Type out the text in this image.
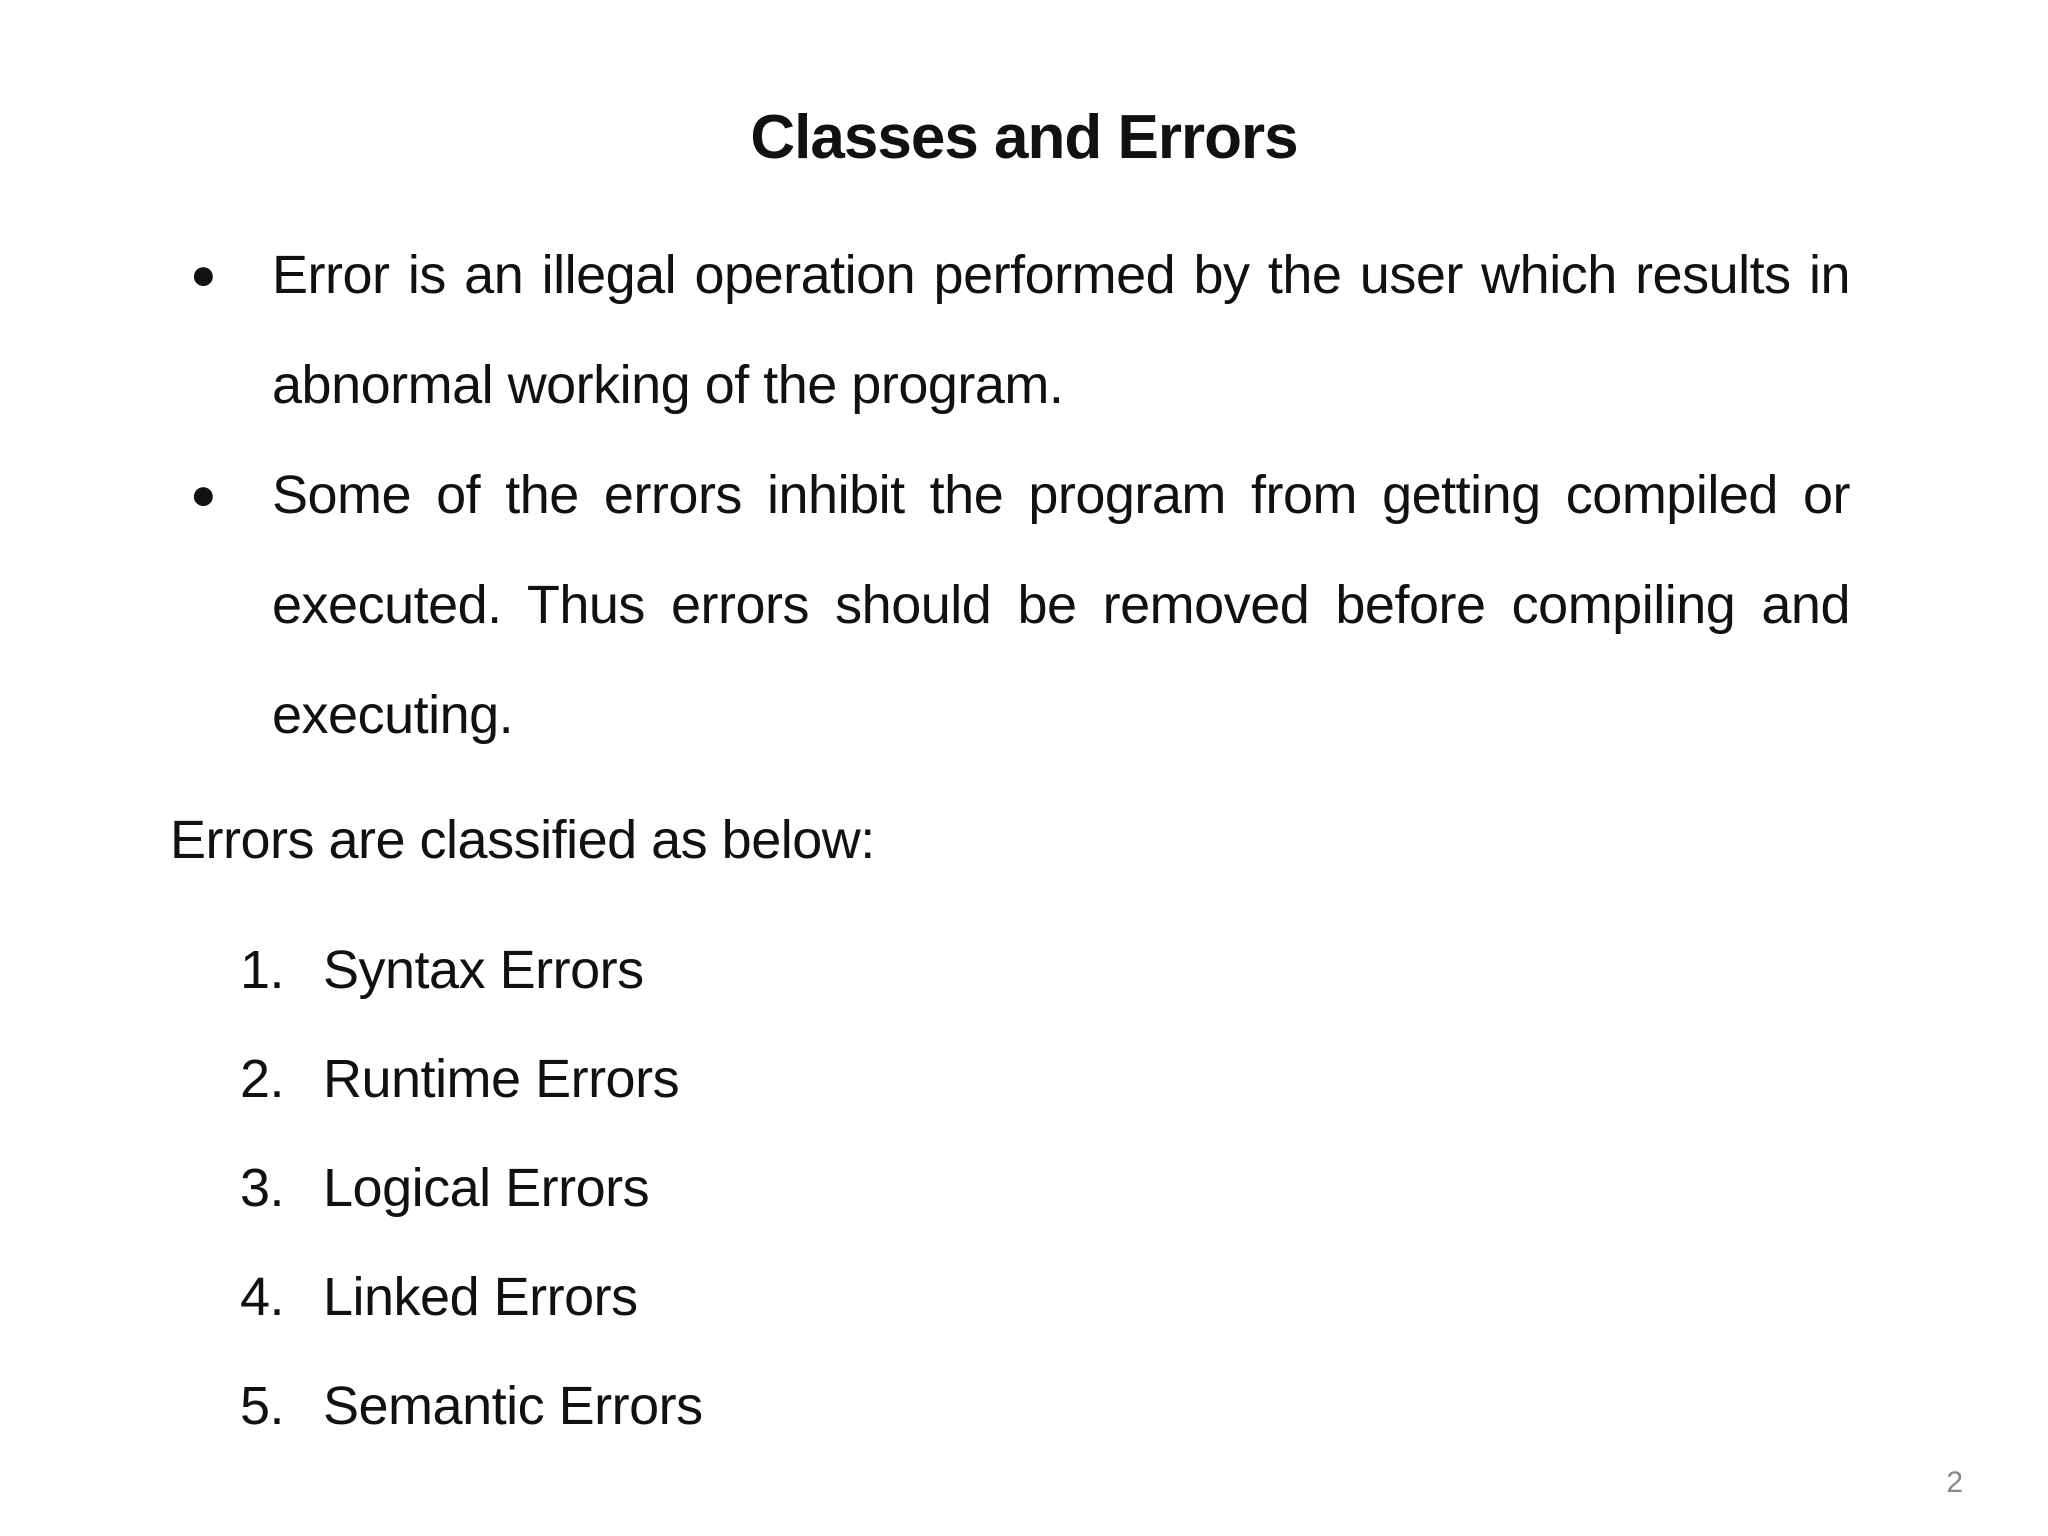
Classes and Errors
●	Error is an illegal operation performed by the user which results in abnormal working of the program.
●	Some of the errors inhibit the program from getting compiled or executed. Thus errors should be removed before compiling and executing.
Errors are classified as below:
1. Syntax Errors
2. Runtime Errors
3. Logical Errors
4. Linked Errors
5. Semantic Errors
2
